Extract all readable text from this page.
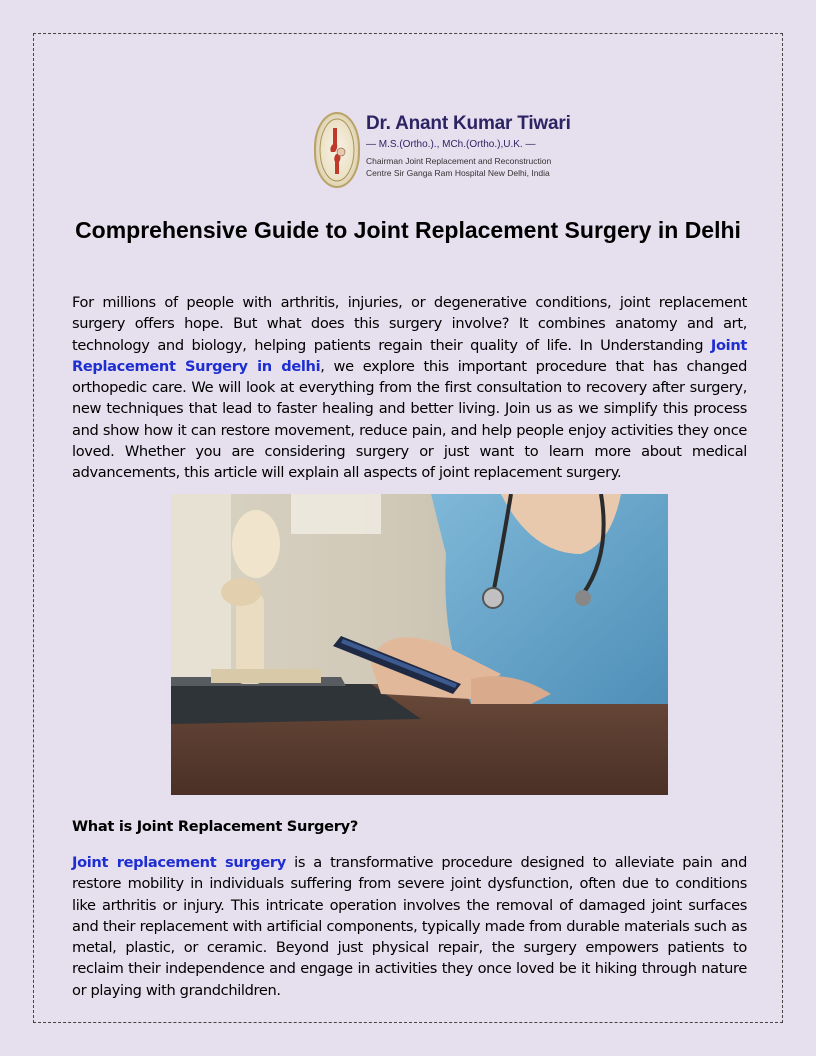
Dr. Anant Kumar Tiwari
— M.S.(Ortho.)., MCh.(Ortho.),U.K. —
Chairman Joint Replacement and Reconstruction
Centre Sir Ganga Ram Hospital New Delhi, India
Comprehensive Guide to Joint Replacement Surgery in Delhi
For millions of people with arthritis, injuries, or degenerative conditions, joint replacement surgery offers hope. But what does this surgery involve? It combines anatomy and art, technology and biology, helping patients regain their quality of life. In Understanding Joint Replacement Surgery in delhi, we explore this important procedure that has changed orthopedic care. We will look at everything from the first consultation to recovery after surgery, new techniques that lead to faster healing and better living. Join us as we simplify this process and show how it can restore movement, reduce pain, and help people enjoy activities they once loved. Whether you are considering surgery or just want to learn more about medical advancements, this article will explain all aspects of joint replacement surgery.
What is Joint Replacement Surgery?
Joint replacement surgery is a transformative procedure designed to alleviate pain and restore mobility in individuals suffering from severe joint dysfunction, often due to conditions like arthritis or injury. This intricate operation involves the removal of damaged joint surfaces and their replacement with artificial components, typically made from durable materials such as metal, plastic, or ceramic. Beyond just physical repair, the surgery empowers patients to reclaim their independence and engage in activities they once loved be it hiking through nature or playing with grandchildren.
